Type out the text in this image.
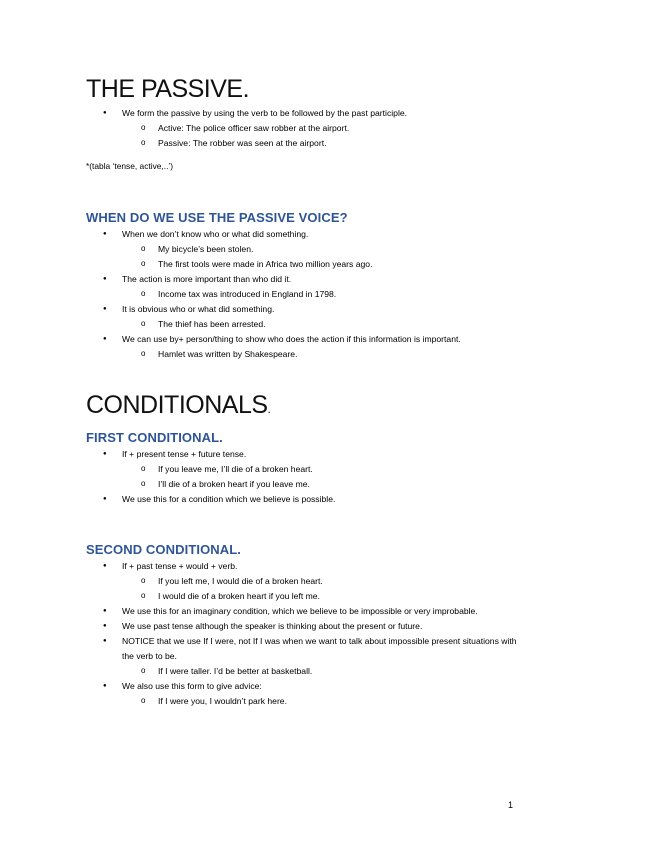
THE PASSIVE.
● We form the passive by using the verb to be followed by the past participle.
o Active: The police officer saw robber at the airport.
o Passive: The robber was seen at the airport.
*(tabla ‘tense, active,..’)
WHEN DO WE USE THE PASSIVE VOICE?
● When we don’t know who or what did something.
o My bicycle’s been stolen.
o The first tools were made in Africa two million years ago.
● The action is more important than who did it.
o Income tax was introduced in England in 1798.
● It is obvious who or what did something.
o The thief has been arrested.
● We can use by+ person/thing to show who does the action if this information is important.
o Hamlet was written by Shakespeare.
CONDITIONALS.
FIRST CONDITIONAL.
● If + present tense + future tense.
o If you leave me, I’ll die of a broken heart.
o I’ll die of a broken heart if you leave me.
● We use this for a condition which we believe is possible.
SECOND CONDITIONAL.
● If + past tense + would + verb.
o If you left me, I would die of a broken heart.
o I would die of a broken heart if you left me.
● We use this for an imaginary condition, which we believe to be impossible or very improbable.
● We use past tense although the speaker is thinking about the present or future.
● NOTICE that we use If I were, not If I was when we want to talk about impossible present situations with the verb to be.
o If I were taller. I’d be better at basketball.
● We also use this form to give advice:
o If I were you, I wouldn’t park here.
1
